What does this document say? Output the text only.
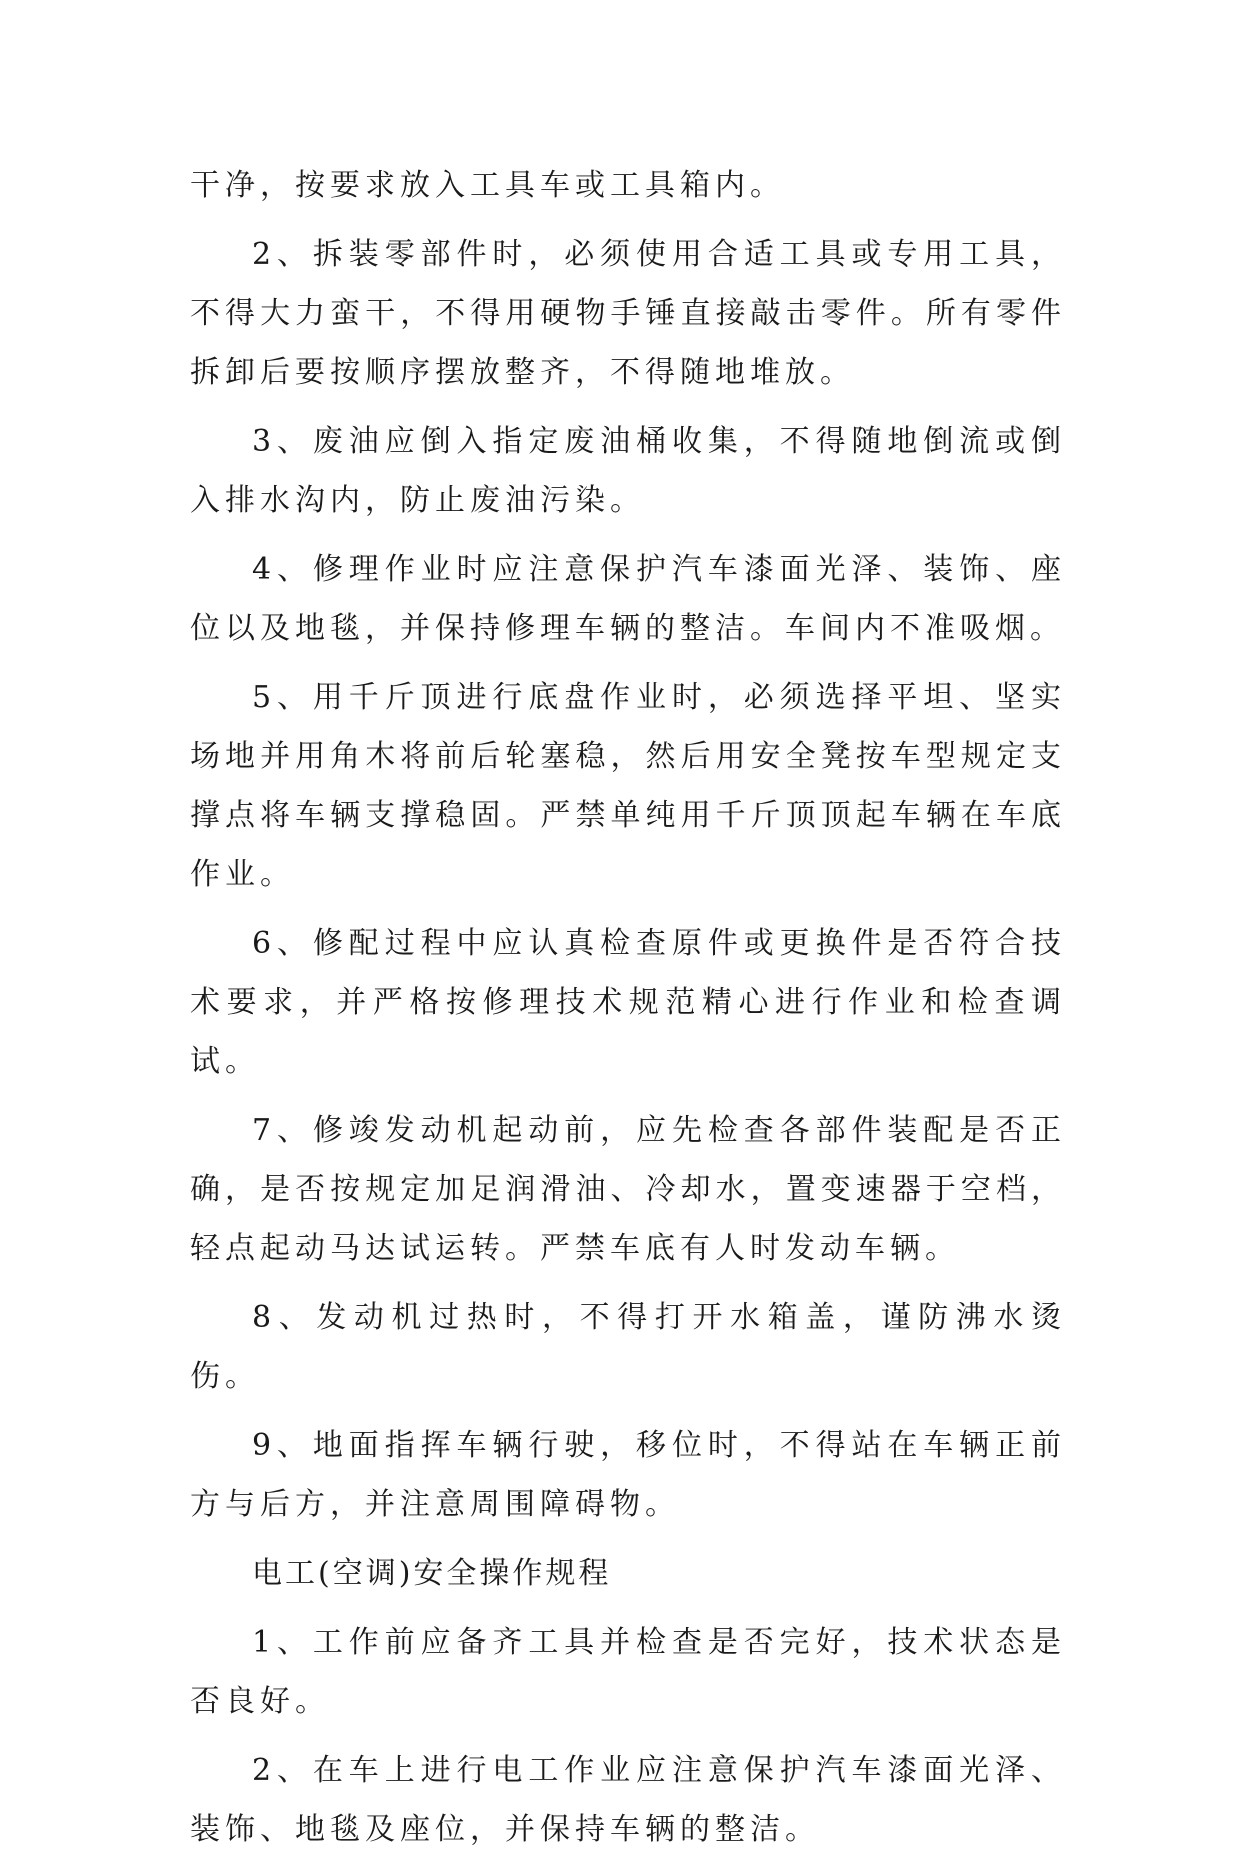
干净，按要求放入工具车或工具箱内。

2、拆装零部件时，必须使用合适工具或专用工具，不得大力蛮干，不得用硬物手锤直接敲击零件。所有零件拆卸后要按顺序摆放整齐，不得随地堆放。

3、废油应倒入指定废油桶收集，不得随地倒流或倒入排水沟内，防止废油污染。

4、修理作业时应注意保护汽车漆面光泽、装饰、座位以及地毯，并保持修理车辆的整洁。车间内不准吸烟。

5、用千斤顶进行底盘作业时，必须选择平坦、坚实场地并用角木将前后轮塞稳，然后用安全凳按车型规定支撑点将车辆支撑稳固。严禁单纯用千斤顶顶起车辆在车底作业。

6、修配过程中应认真检查原件或更换件是否符合技术要求，并严格按修理技术规范精心进行作业和检查调试。

7、修竣发动机起动前，应先检查各部件装配是否正确，是否按规定加足润滑油、冷却水，置变速器于空档，轻点起动马达试运转。严禁车底有人时发动车辆。

8、发动机过热时，不得打开水箱盖，谨防沸水烫伤。

9、地面指挥车辆行驶，移位时，不得站在车辆正前方与后方，并注意周围障碍物。

电工(空调)安全操作规程

1、工作前应备齐工具并检查是否完好，技术状态是否良好。

2、在车上进行电工作业应注意保护汽车漆面光泽、装饰、地毯及座位，并保持车辆的整洁。
